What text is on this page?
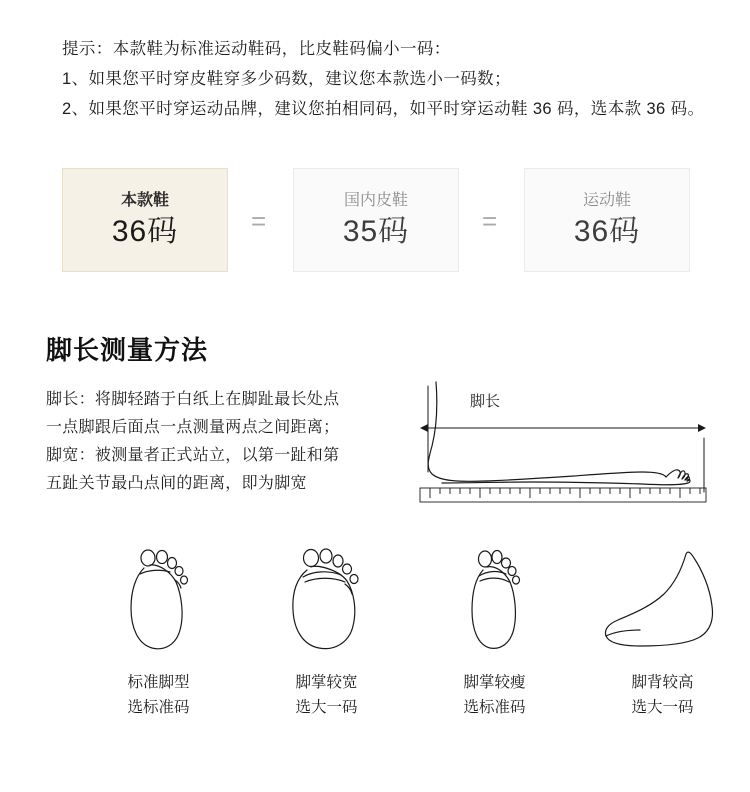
提示：本款鞋为标准运动鞋码，比皮鞋码偏小一码：
1、如果您平时穿皮鞋穿多少码数，建议您本款选小一码数；
2、如果您平时穿运动品牌，建议您拍相同码，如平时穿运动鞋 36 码，选本款 36 码。
本款鞋
36码	=
国内皮鞋
35码	=
运动鞋
36码
脚长测量方法
脚长：将脚轻踏于白纸上在脚趾最长处点
一点脚跟后面点一点测量两点之间距离；
脚宽：被测量者正式站立，以第一趾和第
五趾关节最凸点间的距离，即为脚宽
脚长
标准脚型
选标准码
脚掌较宽
选大一码
脚掌较瘦
选标准码
脚背较高
选大一码
